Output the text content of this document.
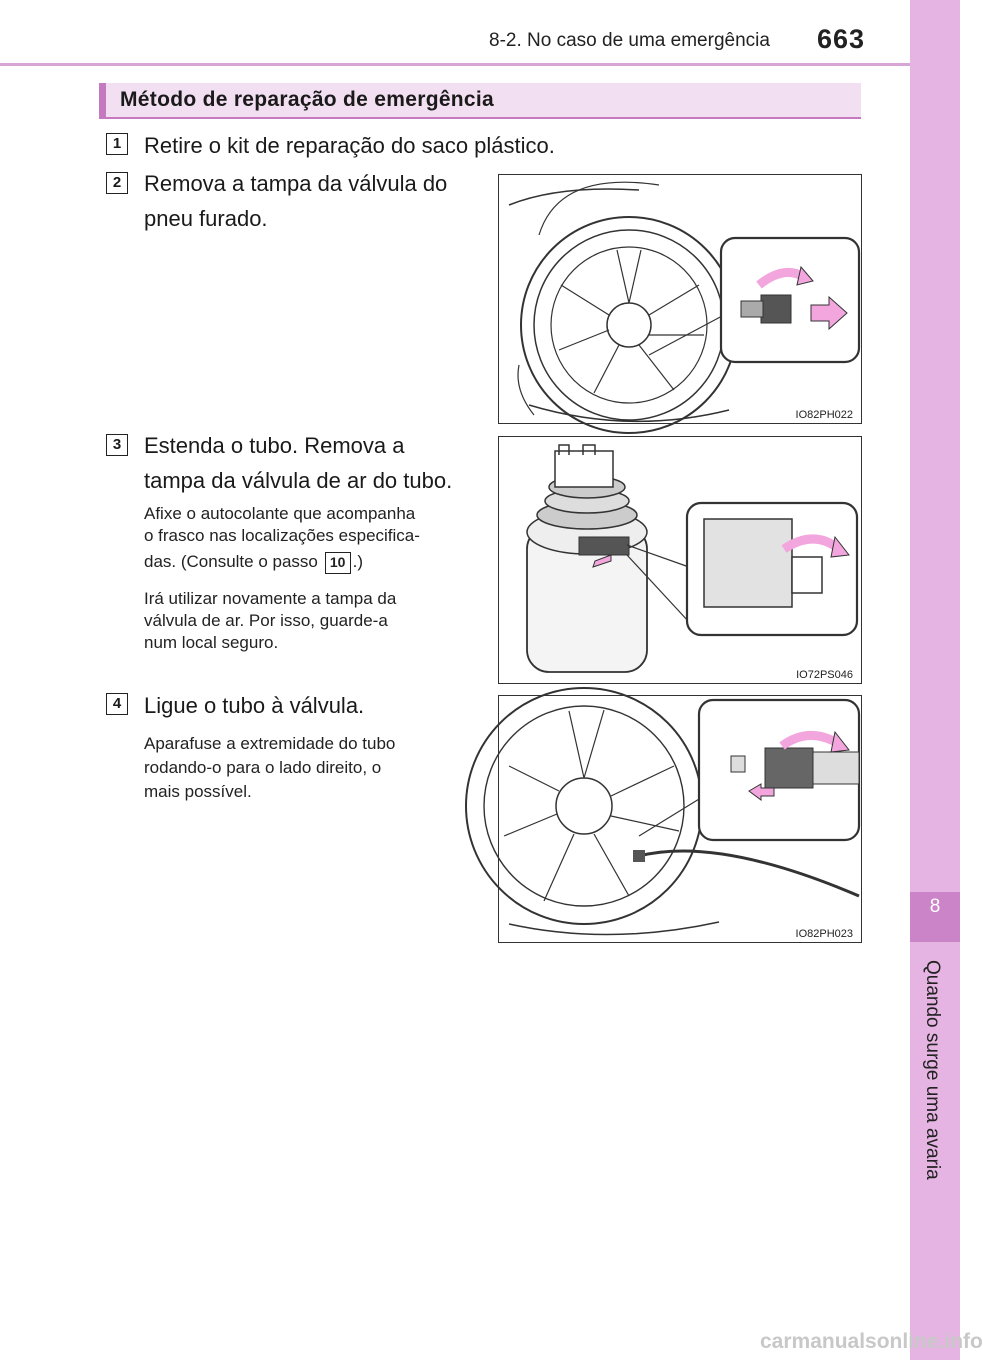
8-2. No caso de uma emergência 663
8
Quando surge uma avaria
Método de reparação de emergência
1	Retire o kit de reparação do saco plástico.
2	Remova a tampa da válvula do
pneu furado.
IO82PH022
3	Estenda o tubo. Remova a
tampa da válvula de ar do tubo.
Afixe o autocolante que acompanha
o frasco nas localizações especifica-
das. (Consulte o passo 10 .)
Irá utilizar novamente a tampa da
válvula de ar. Por isso, guarde-a
num local seguro.
IO72PS046
4	Ligue o tubo à válvula.
Aparafuse a extremidade do tubo
rodando-o para o lado direito, o
mais possível.
IO82PH023
carmanualsonline.info
